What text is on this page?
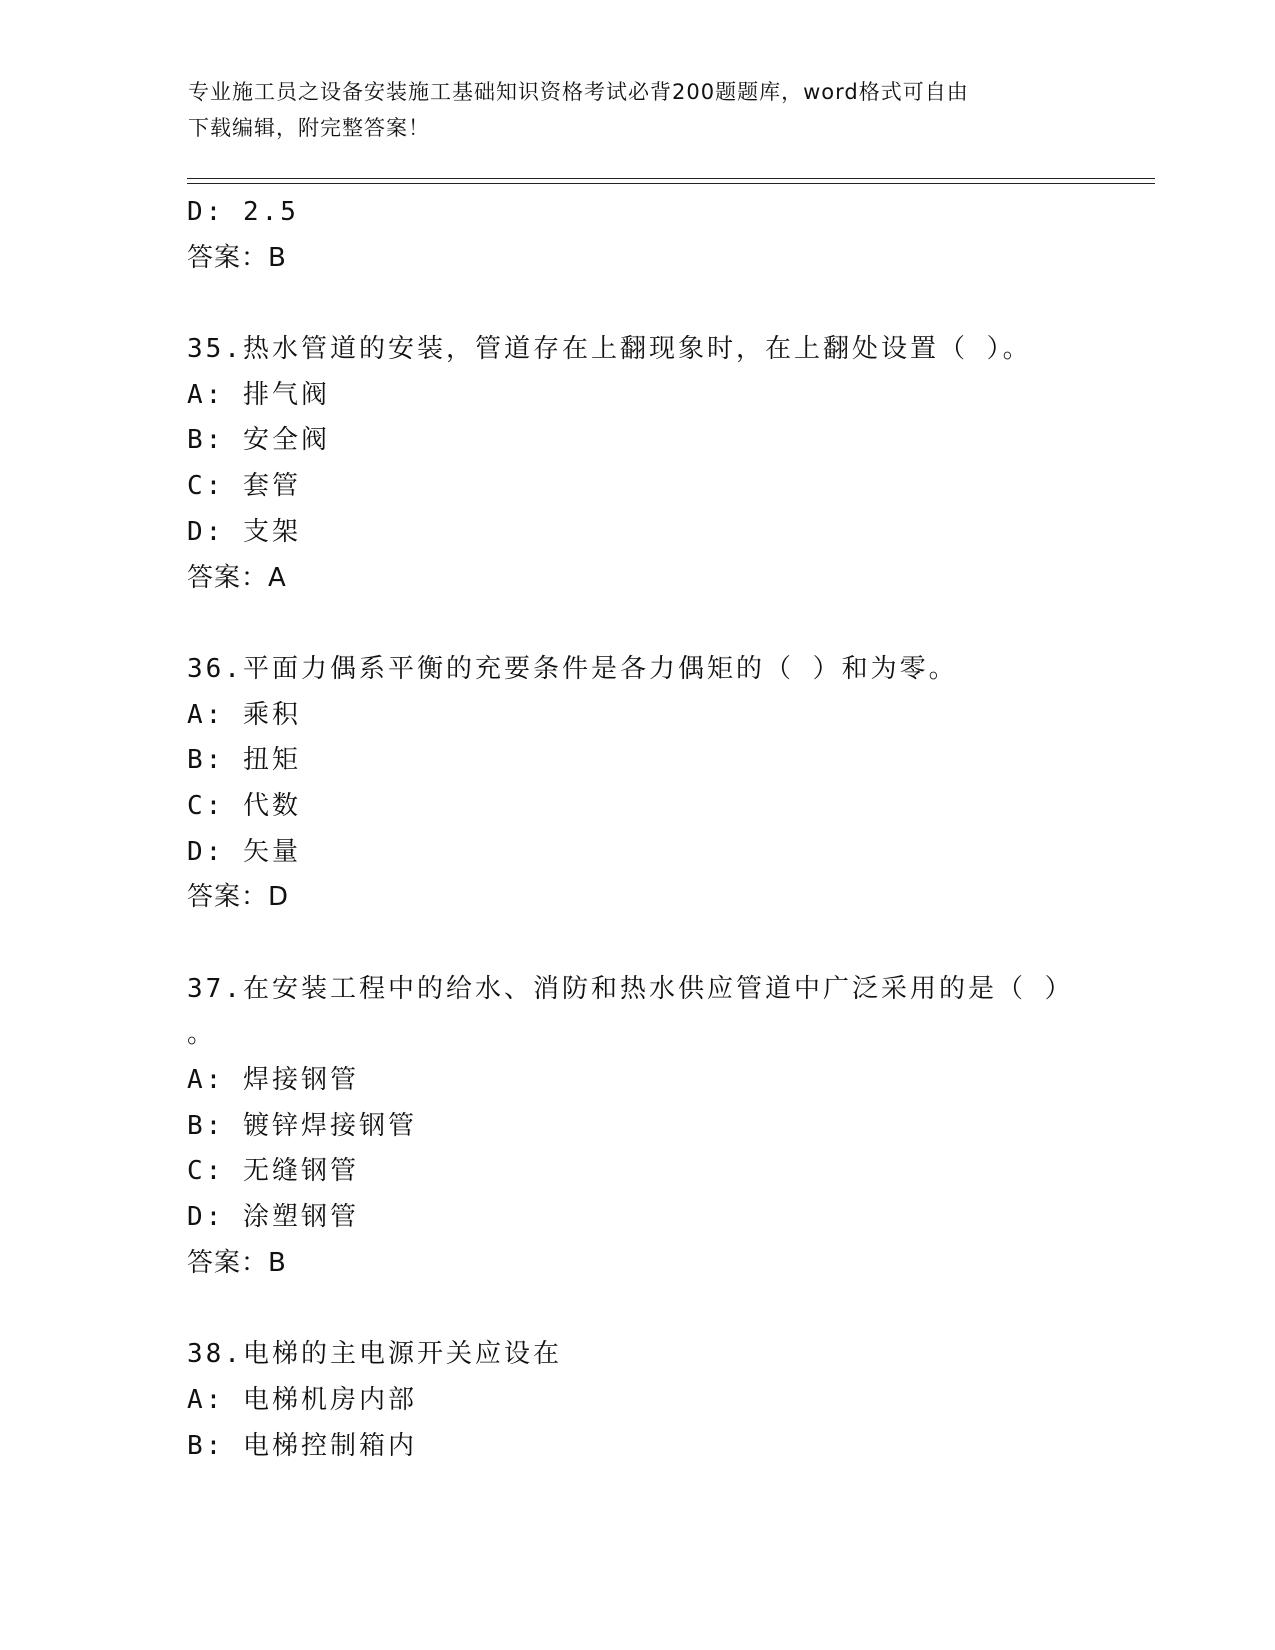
专业施工员之设备安装施工基础知识资格考试必背200题题库，word格式可自由
下载编辑，附完整答案！
D: 2.5
答案：B
35.热水管道的安装，管道存在上翻现象时，在上翻处设置（ ）。
A: 排气阀
B: 安全阀
C: 套管
D: 支架
答案：A
36.平面力偶系平衡的充要条件是各力偶矩的（ ）和为零。
A: 乘积
B: 扭矩
C: 代数
D: 矢量
答案：D
37.在安装工程中的给水、消防和热水供应管道中广泛采用的是（ ）
。
A: 焊接钢管
B: 镀锌焊接钢管
C: 无缝钢管
D: 涂塑钢管
答案：B
38.电梯的主电源开关应设在
A: 电梯机房内部
B: 电梯控制箱内
